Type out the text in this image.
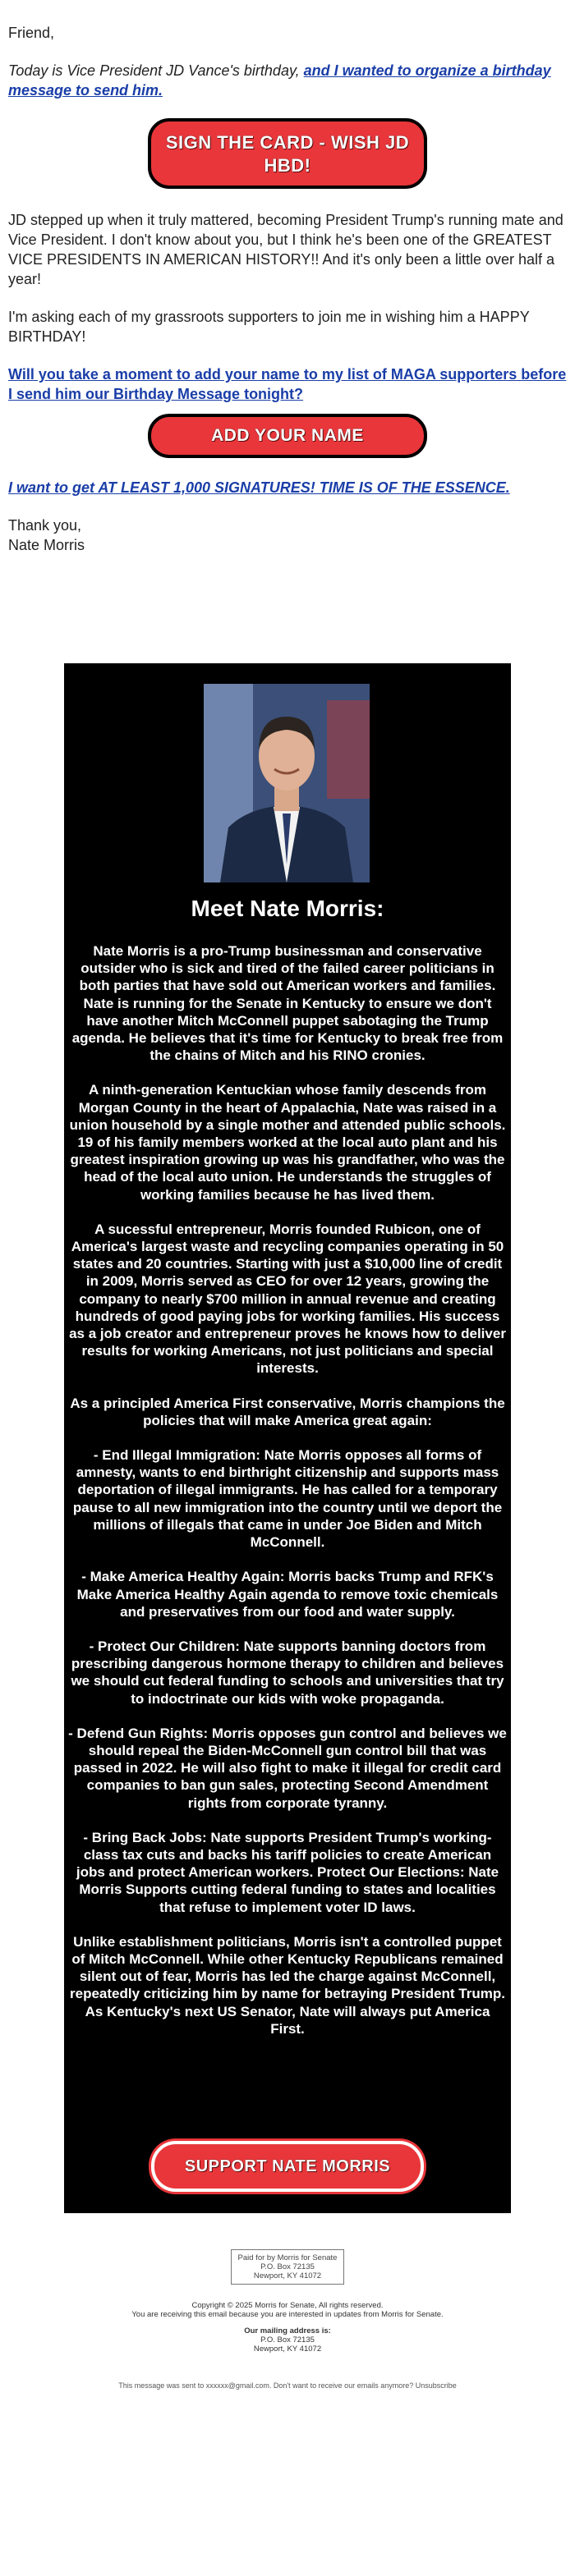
Friend,

Today is Vice President JD Vance's birthday, and I wanted to organize a birthday message to send him.

SIGN THE CARD - WISH JD HBD!

JD stepped up when it truly mattered, becoming President Trump's running mate and Vice President. I don't know about you, but I think he's been one of the GREATEST VICE PRESIDENTS IN AMERICAN HISTORY!! And it's only been a little over half a year!

I'm asking each of my grassroots supporters to join me in wishing him a HAPPY BIRTHDAY!

Will you take a moment to add your name to my list of MAGA supporters before I send him our Birthday Message tonight?

ADD YOUR NAME

I want to get AT LEAST 1,000 SIGNATURES! TIME IS OF THE ESSENCE.

Thank you,

Nate Morris

Meet Nate Morris:

Nate Morris is a pro-Trump businessman and conservative outsider who is sick and tired of the failed career politicians in both parties that have sold out American workers and families. Nate is running for the Senate in Kentucky to ensure we don't have another Mitch McConnell puppet sabotaging the Trump agenda. He believes that it's time for Kentucky to break free from the chains of Mitch and his RINO cronies.

A ninth-generation Kentuckian whose family descends from Morgan County in the heart of Appalachia, Nate was raised in a union household by a single mother and attended public schools. 19 of his family members worked at the local auto plant and his greatest inspiration growing up was his grandfather, who was the head of the local auto union. He understands the struggles of working families because he has lived them.

A sucessful entrepreneur, Morris founded Rubicon, one of America's largest waste and recycling companies operating in 50 states and 20 countries. Starting with just a $10,000 line of credit in 2009, Morris served as CEO for over 12 years, growing the company to nearly $700 million in annual revenue and creating hundreds of good paying jobs for working families. His success as a job creator and entrepreneur proves he knows how to deliver results for working Americans, not just politicians and special interests.

As a principled America First conservative, Morris champions the policies that will make America great again:

- End Illegal Immigration: Nate Morris opposes all forms of amnesty, wants to end birthright citizenship and supports mass deportation of illegal immigrants. He has called for a temporary pause to all new immigration into the country until we deport the millions of illegals that came in under Joe Biden and Mitch McConnell.

- Make America Healthy Again: Morris backs Trump and RFK's Make America Healthy Again agenda to remove toxic chemicals and preservatives from our food and water supply.

- Protect Our Children: Nate supports banning doctors from prescribing dangerous hormone therapy to children and believes we should cut federal funding to schools and universities that try to indoctrinate our kids with woke propaganda.

- Defend Gun Rights: Morris opposes gun control and believes we should repeal the Biden-McConnell gun control bill that was passed in 2022. He will also fight to make it illegal for credit card companies to ban gun sales, protecting Second Amendment rights from corporate tyranny.

- Bring Back Jobs: Nate supports President Trump's working-class tax cuts and backs his tariff policies to create American jobs and protect American workers. Protect Our Elections: Nate Morris Supports cutting federal funding to states and localities that refuse to implement voter ID laws.

Unlike establishment politicians, Morris isn't a controlled puppet of Mitch McConnell. While other Kentucky Republicans remained silent out of fear, Morris has led the charge against McConnell, repeatedly criticizing him by name for betraying President Trump. As Kentucky's next US Senator, Nate will always put America First.

SUPPORT NATE MORRIS
Paid for by Morris for Senate
P.O. Box 72135
Newport, KY 41072
Copyright © 2025 Morris for Senate, All rights reserved.
You are receiving this email because you are interested in updates from Morris for Senate.
Our mailing address is:
P.O. Box 72135
Newport, KY 41072
This message was sent to xxxxxx@gmail.com. Don't want to receive our emails anymore? Unsubscribe
